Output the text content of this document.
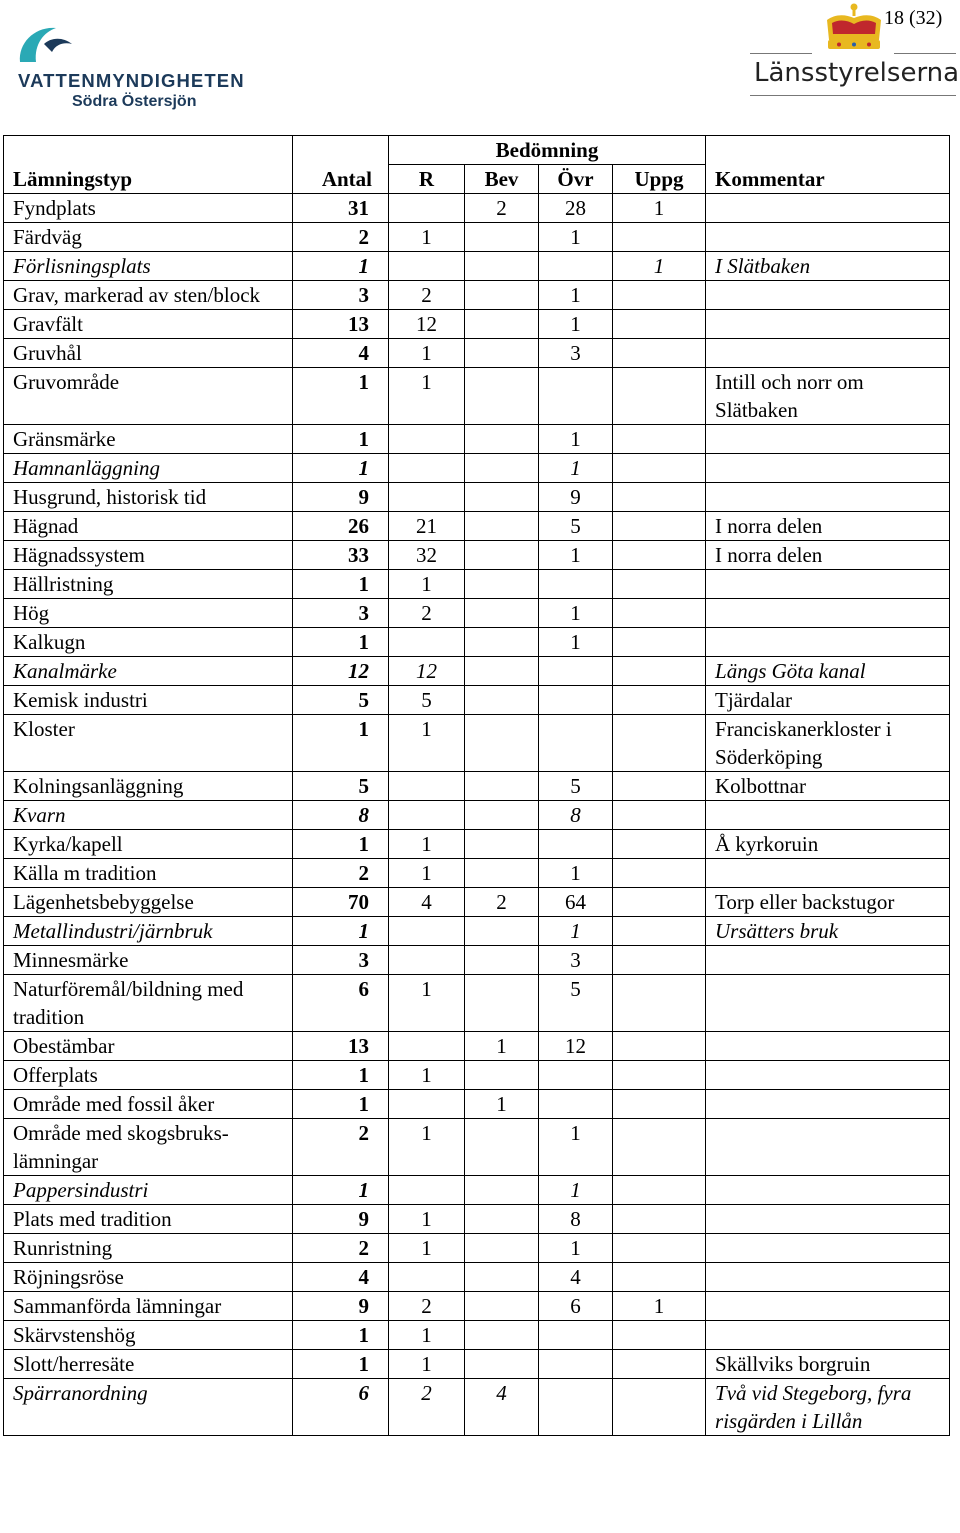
VATTENMYNDIGHETEN
Södra Östersjön
18 (32)
Länsstyrelserna
Lämningstyp	Antal	Bedömning				Kommentar
		R	Bev	Övr	Uppg	
Fyndplats	31		2	28	1	
Färdväg	2	1		1		
Förlisningsplats	1				1	I Slätbaken
Grav, markerad av sten/block	3	2		1		
Gravfält	13	12		1		
Gruvhål	4	1		3		
Gruvområde	1	1				Intill och norr om Slätbaken
Gränsmärke	1			1		
Hamnanläggning	1			1		
Husgrund, historisk tid	9			9		
Hägnad	26	21		5		I norra delen
Hägnadssystem	33	32		1		I norra delen
Hällristning	1	1				
Hög	3	2		1		
Kalkugn	1			1		
Kanalmärke	12	12				Längs Göta kanal
Kemisk industri	5	5				Tjärdalar
Kloster	1	1				Franciskanerkloster i Söderköping
Kolningsanläggning	5			5		Kolbottnar
Kvarn	8			8		
Kyrka/kapell	1	1				Å kyrkoruin
Källa m tradition	2	1		1		
Lägenhetsbebyggelse	70	4	2	64		Torp eller backstugor
Metallindustri/järnbruk	1			1		Ursätters bruk
Minnesmärke	3			3		
Naturföremål/bildning med tradition	6	1		5		
Obestämbar	13		1	12		
Offerplats	1	1				
Område med fossil åker	1		1			
Område med skogsbruks-lämningar	2	1		1		
Pappersindustri	1			1		
Plats med tradition	9	1		8		
Runristning	2	1		1		
Röjningsröse	4			4		
Sammanförda lämningar	9	2		6	1	
Skärvstenshög	1	1				
Slott/herresäte	1	1				Skällviks borgruin
Spärranordning	6	2	4			Två vid Stegeborg, fyra risgärden i Lillån
